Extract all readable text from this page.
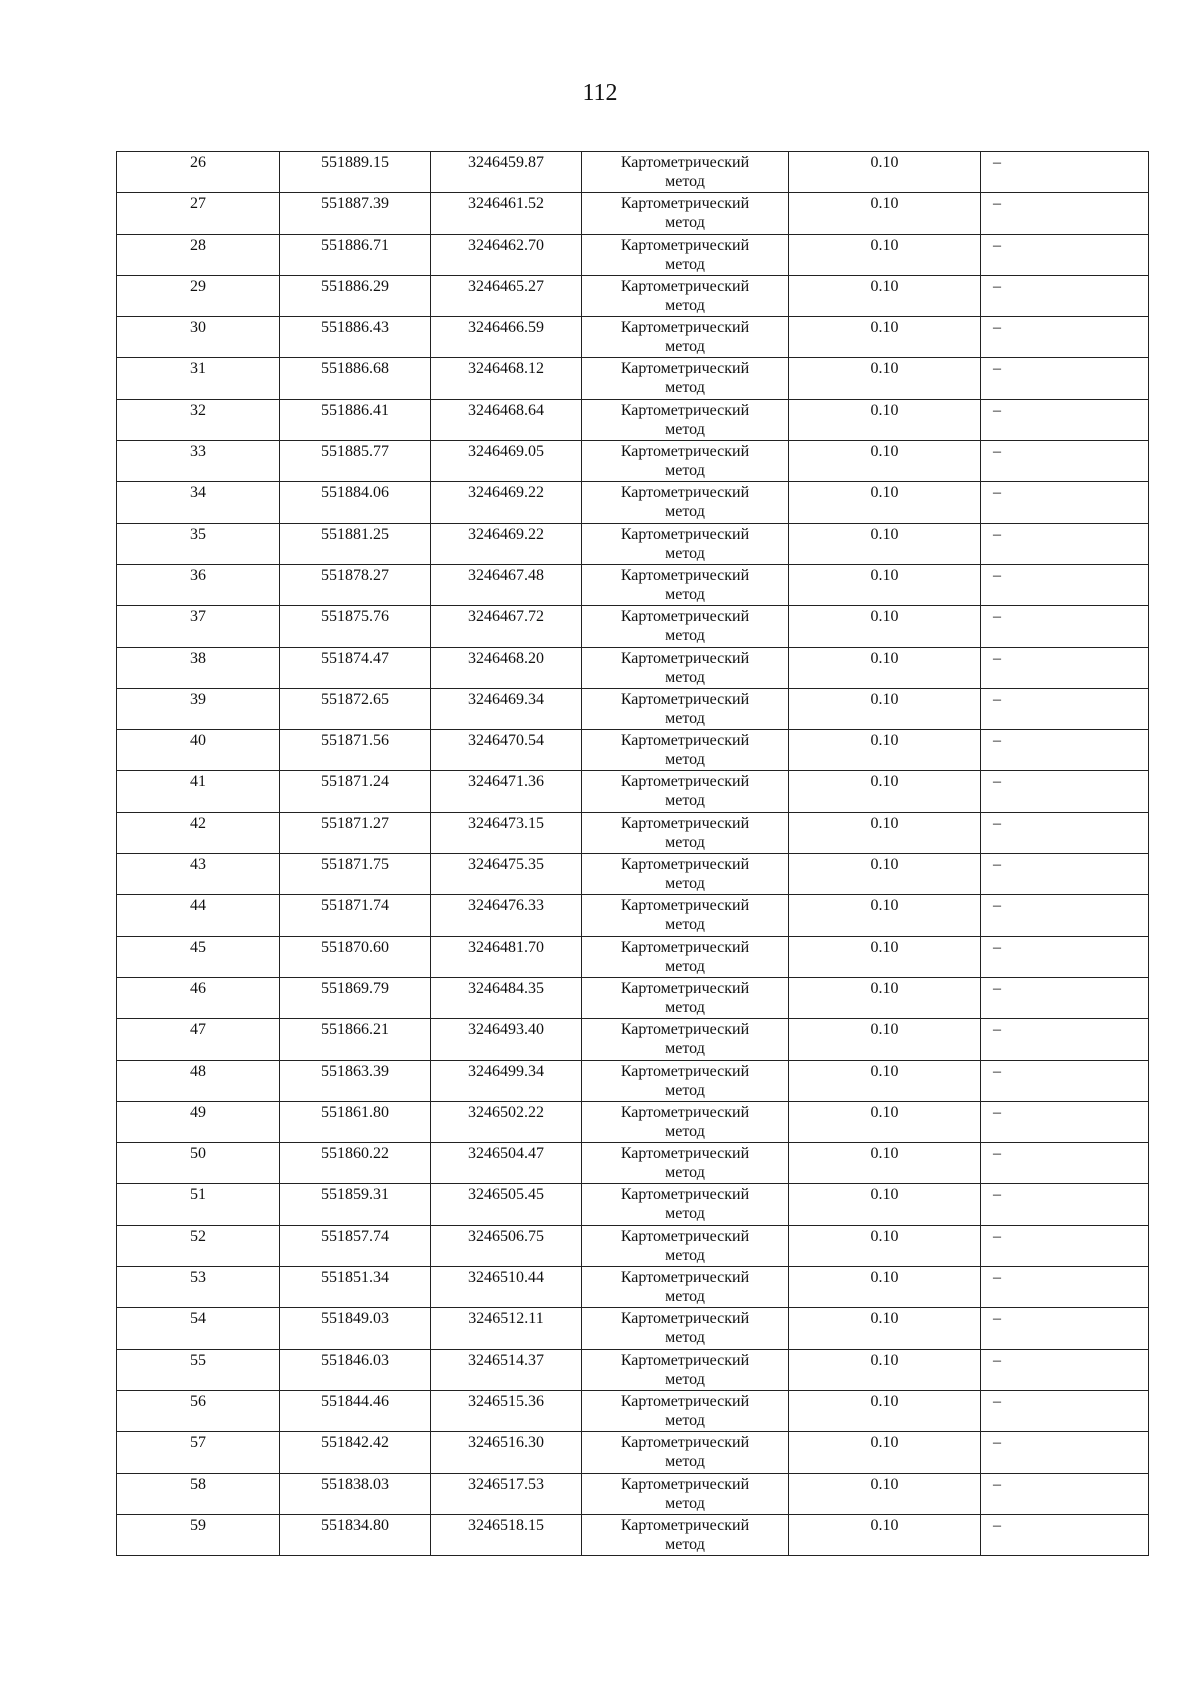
112
26	551889.15	3246459.87	Картометрический
метод	0.10	–
27	551887.39	3246461.52	Картометрический
метод	0.10	–
28	551886.71	3246462.70	Картометрический
метод	0.10	–
29	551886.29	3246465.27	Картометрический
метод	0.10	–
30	551886.43	3246466.59	Картометрический
метод	0.10	–
31	551886.68	3246468.12	Картометрический
метод	0.10	–
32	551886.41	3246468.64	Картометрический
метод	0.10	–
33	551885.77	3246469.05	Картометрический
метод	0.10	–
34	551884.06	3246469.22	Картометрический
метод	0.10	–
35	551881.25	3246469.22	Картометрический
метод	0.10	–
36	551878.27	3246467.48	Картометрический
метод	0.10	–
37	551875.76	3246467.72	Картометрический
метод	0.10	–
38	551874.47	3246468.20	Картометрический
метод	0.10	–
39	551872.65	3246469.34	Картометрический
метод	0.10	–
40	551871.56	3246470.54	Картометрический
метод	0.10	–
41	551871.24	3246471.36	Картометрический
метод	0.10	–
42	551871.27	3246473.15	Картометрический
метод	0.10	–
43	551871.75	3246475.35	Картометрический
метод	0.10	–
44	551871.74	3246476.33	Картометрический
метод	0.10	–
45	551870.60	3246481.70	Картометрический
метод	0.10	–
46	551869.79	3246484.35	Картометрический
метод	0.10	–
47	551866.21	3246493.40	Картометрический
метод	0.10	–
48	551863.39	3246499.34	Картометрический
метод	0.10	–
49	551861.80	3246502.22	Картометрический
метод	0.10	–
50	551860.22	3246504.47	Картометрический
метод	0.10	–
51	551859.31	3246505.45	Картометрический
метод	0.10	–
52	551857.74	3246506.75	Картометрический
метод	0.10	–
53	551851.34	3246510.44	Картометрический
метод	0.10	–
54	551849.03	3246512.11	Картометрический
метод	0.10	–
55	551846.03	3246514.37	Картометрический
метод	0.10	–
56	551844.46	3246515.36	Картометрический
метод	0.10	–
57	551842.42	3246516.30	Картометрический
метод	0.10	–
58	551838.03	3246517.53	Картометрический
метод	0.10	–
59	551834.80	3246518.15	Картометрический
метод	0.10	–
